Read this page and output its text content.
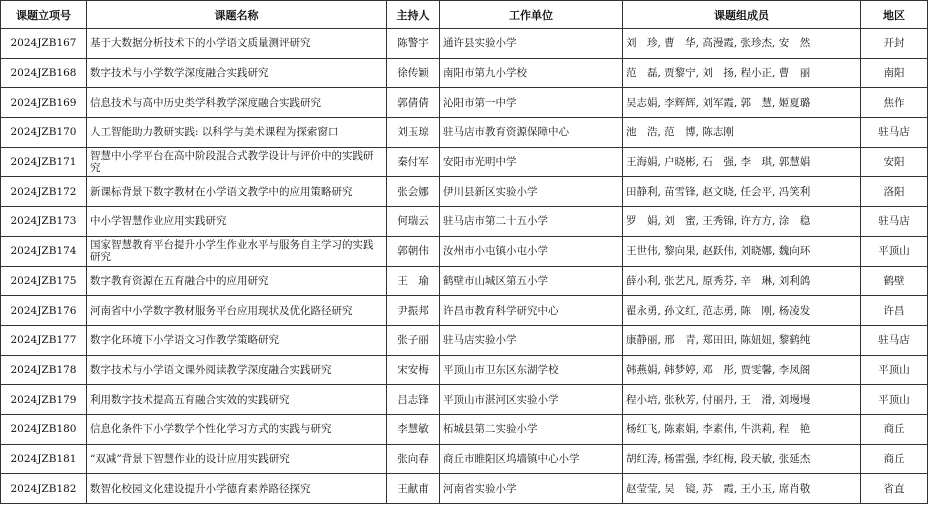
课题立项号	课题名称	主持人	工作单位	课题组成员	地区
2024JZB167	基于大数据分析技术下的小学语文质量测评研究	陈警宇	通许县实验小学	刘　珍, 曹　华, 高漫霞, 张珍杰, 安　然	开封
2024JZB168	数字技术与小学数学深度融合实践研究	徐传颖	南阳市第九小学校	范　磊, 贾黎宁, 刘　扬, 程小正, 曹　丽	南阳
2024JZB169	信息技术与高中历史类学科教学深度融合实践研究	郭倩倩	沁阳市第一中学	吴志娟, 李辉辉, 刘军霞, 郭　慧, 姬夏璐	焦作
2024JZB170	人工智能助力教研实践: 以科学与美术课程为探索窗口	刘玉琼	驻马店市教育资源保障中心	池　浩, 范　博, 陈志刚	驻马店
2024JZB171	智慧中小学平台在高中阶段混合式教学设计与评价中的实践研究	秦付军	安阳市光明中学	王海娟, 户晓彬, 石　强, 李　琪, 郭慧娟	安阳
2024JZB172	新课标背景下数字教材在小学语文教学中的应用策略研究	张会娜	伊川县新区实验小学	田静利, 苗雪锋, 赵文晓, 任会平, 冯笑利	洛阳
2024JZB173	中小学智慧作业应用实践研究	何瑞云	驻马店市第二十五小学	罗　娟, 刘　蜜, 王秀锦, 许方方, 涂　稳	驻马店
2024JZB174	国家智慧教育平台提升小学生作业水平与服务自主学习的实践研究	郭朝伟	汝州市小屯镇小屯小学	王世伟, 黎向果, 赵跃伟, 刘晓娜, 魏向环	平顶山
2024JZB175	数字教育资源在五育融合中的应用研究	王　瑜	鹤壁市山城区第五小学	薛小利, 张艺凡, 原秀芬, 辛　琳, 刘利鸽	鹤壁
2024JZB176	河南省中小学数字教材服务平台应用现状及优化路径研究	尹振邦	许昌市教育科学研究中心	翟永勇, 孙文红, 范志勇, 陈　刚, 杨凌发	许昌
2024JZB177	数字化环境下小学语文习作教学策略研究	张子丽	驻马店实验小学	康静丽, 邢　青, 郑田田, 陈妞妞, 黎鹤纯	驻马店
2024JZB178	数字技术与小学语文课外阅读教学深度融合实践研究	宋安梅	平顶山市卫东区东湖学校	韩燕娟, 韩梦婷, 邓　彤, 贾雯馨, 李凤阁	平顶山
2024JZB179	利用数字技术提高五育融合实效的实践研究	吕志锋	平顶山市湛河区实验小学	程小培, 张秋芳, 付丽丹, 王　滑, 刘墁墁	平顶山
2024JZB180	信息化条件下小学数学个性化学习方式的实践与研究	李慧敏	柘城县第二实验小学	杨红飞, 陈素娟, 李素伟, 牛洪莉, 程　艳	商丘
2024JZB181	“双减”背景下智慧作业的设计应用实践研究	张向春	商丘市睢阳区坞墙镇中心小学	胡红涛, 杨雷强, 李红梅, 段天敏, 张延杰	商丘
2024JZB182	数智化校园文化建设提升小学德育素养路径探究	王献甫	河南省实验小学	赵莹莹, 吴　镜, 苏　霞, 王小玉, 席肖敬	省直
